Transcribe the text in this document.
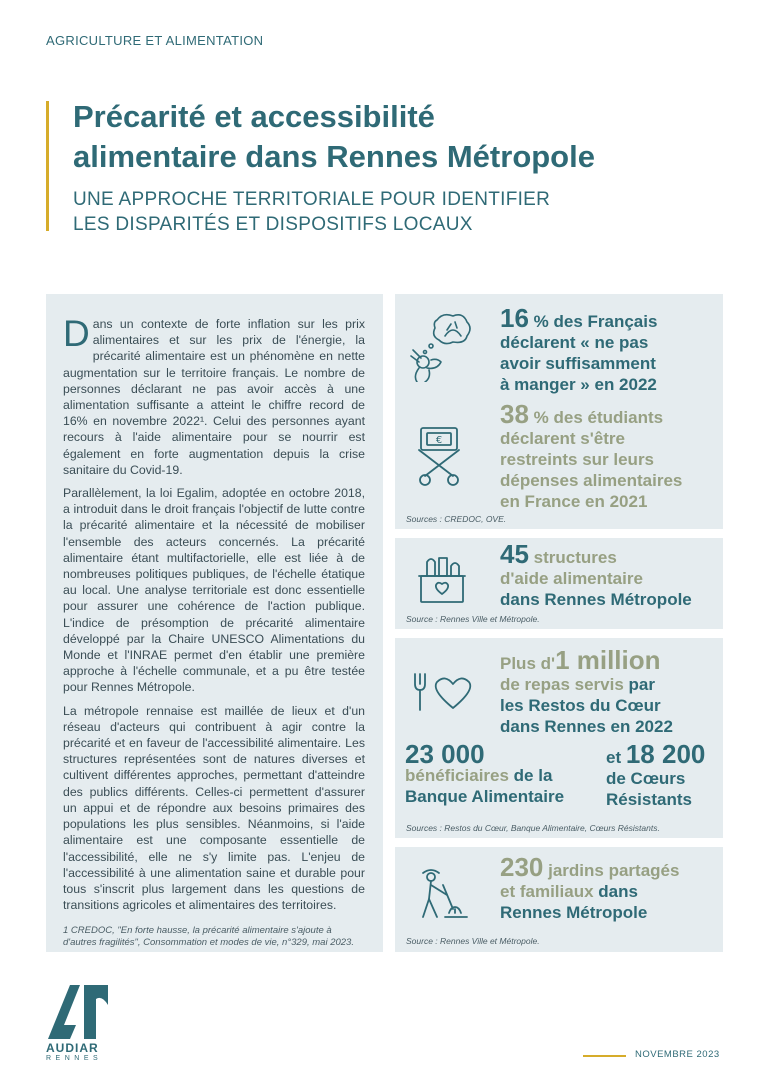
AGRICULTURE ET ALIMENTATION
Précarité et accessibilité
alimentaire dans Rennes Métropole
UNE APPROCHE TERRITORIALE POUR IDENTIFIER
LES DISPARITÉS ET DISPOSITIFS LOCAUX

Dans un contexte de forte inflation sur les prix alimentaires et sur les prix de l'énergie, la précarité alimentaire est un phénomène en nette augmentation sur le territoire français. Le nombre de personnes déclarant ne pas avoir accès à une alimentation suffisante a atteint le chiffre record de 16% en novembre 2022¹. Celui des personnes ayant recours à l'aide alimentaire pour se nourrir est également en forte augmentation depuis la crise sanitaire du Covid-19.

Parallèlement, la loi Egalim, adoptée en octobre 2018, a introduit dans le droit français l'objectif de lutte contre la précarité alimentaire et la nécessité de mobiliser l'ensemble des acteurs concernés. La précarité alimentaire étant multifactorielle, elle est liée à de nombreuses politiques publiques, de l'échelle étatique au local. Une analyse territoriale est donc essentielle pour assurer une cohérence de l'action publique. L'indice de présomption de précarité alimentaire développé par la Chaire UNESCO Alimentations du Monde et l'INRAE permet d'en établir une première approche à l'échelle communale, et a pu être testée pour Rennes Métropole.

La métropole rennaise est maillée de lieux et d'un réseau d'acteurs qui contribuent à agir contre la précarité et en faveur de l'accessibilité alimentaire. Les structures représentées sont de natures diverses et cultivent différentes approches, permettant d'atteindre des publics différents. Celles-ci permettent d'assurer un appui et de répondre aux besoins primaires des populations les plus sensibles. Néanmoins, si l'aide alimentaire est une composante essentielle de l'accessibilité, elle ne s'y limite pas. L'enjeu de l'accessibilité à une alimentation saine et durable pour tous s'inscrit plus largement dans les questions de transitions agricoles et alimentaires des territoires.

1 CREDOC, "En forte hausse, la précarité alimentaire s'ajoute à d'autres fragilités", Consommation et modes de vie, n°329, mai 2023.
16 % des Français
déclarent « ne pas
avoir suffisamment
à manger » en 2022
€
38 % des étudiants
déclarent s'être
restreints sur leurs
dépenses alimentaires
en France en 2021
Sources : CREDOC, OVE.
45 structures
d'aide alimentaire
dans Rennes Métropole
Source : Rennes Ville et Métropole.
Plus d'1 million
de repas servis par
les Restos du Cœur
dans Rennes en 2022
23 000
bénéficiaires de la
Banque Alimentaire
et 18 200
de Cœurs
Résistants
Sources : Restos du Cœur, Banque Alimentaire, Cœurs Résistants.
230 jardins partagés
et familiaux dans
Rennes Métropole
Source : Rennes Ville et Métropole.
AUDIAR
RENNES	NOVEMBRE 2023
